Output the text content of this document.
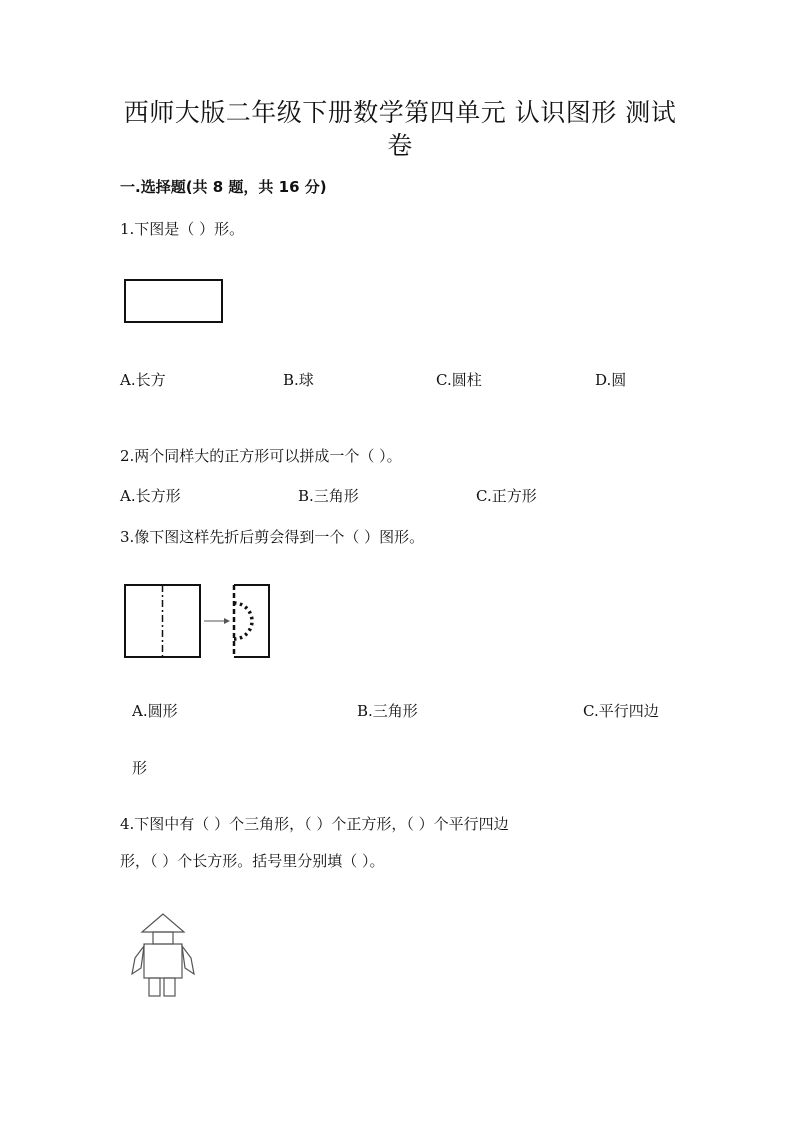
西师大版二年级下册数学第四单元 认识图形 测试
卷
一.选择题(共 8 题，共 16 分)
1.下图是（ ）形。
A.长方	B.球	C.圆柱	D.圆
2.两个同样大的正方形可以拼成一个（ ）。
A.长方形	B.三角形	C.正方形
3.像下图这样先折后剪会得到一个（ ）图形。
A.圆形	B.三角形	C.平行四边
形
4.下图中有（ ）个三角形，（ ）个正方形，（ ）个平行四边
形，（ ）个长方形。括号里分别填（ ）。
